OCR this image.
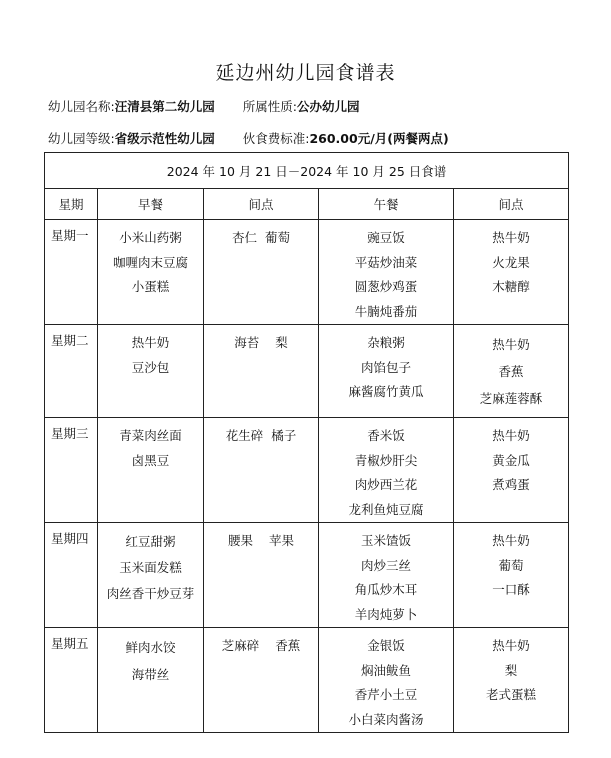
延边州幼儿园食谱表
幼儿园名称:汪清县第二幼儿园 所属性质:公办幼儿园
幼儿园等级:省级示范性幼儿园 伙食费标准:260.00元/月(两餐两点)
2024 年 10 月 21 日－2024 年 10 月 25 日食谱				
星期	早餐	间点	午餐	间点
星期一	小米山药粥
咖喱肉末豆腐
小蛋糕	杏仁  葡萄	豌豆饭
平菇炒油菜
圆葱炒鸡蛋
牛腩炖番茄	热牛奶
火龙果
木糖醇

星期二	热牛奶
豆沙包	海苔    梨	杂粮粥
肉馅包子
麻酱腐竹黄瓜	热牛奶
香蕉
芝麻莲蓉酥

星期三	青菜肉丝面
卤黑豆	花生碎  橘子	香米饭
青椒炒肝尖
肉炒西兰花
龙利鱼炖豆腐	热牛奶
黄金瓜
煮鸡蛋

星期四	红豆甜粥
玉米面发糕
肉丝香干炒豆芽	腰果    苹果	玉米馇饭
肉炒三丝
角瓜炒木耳
羊肉炖萝卜	热牛奶
葡萄
一口酥

星期五	鲜肉水饺
海带丝	芝麻碎    香蕉	金银饭
焖油鲅鱼
香芹小土豆
小白菜肉酱汤	热牛奶
梨
老式蛋糕
